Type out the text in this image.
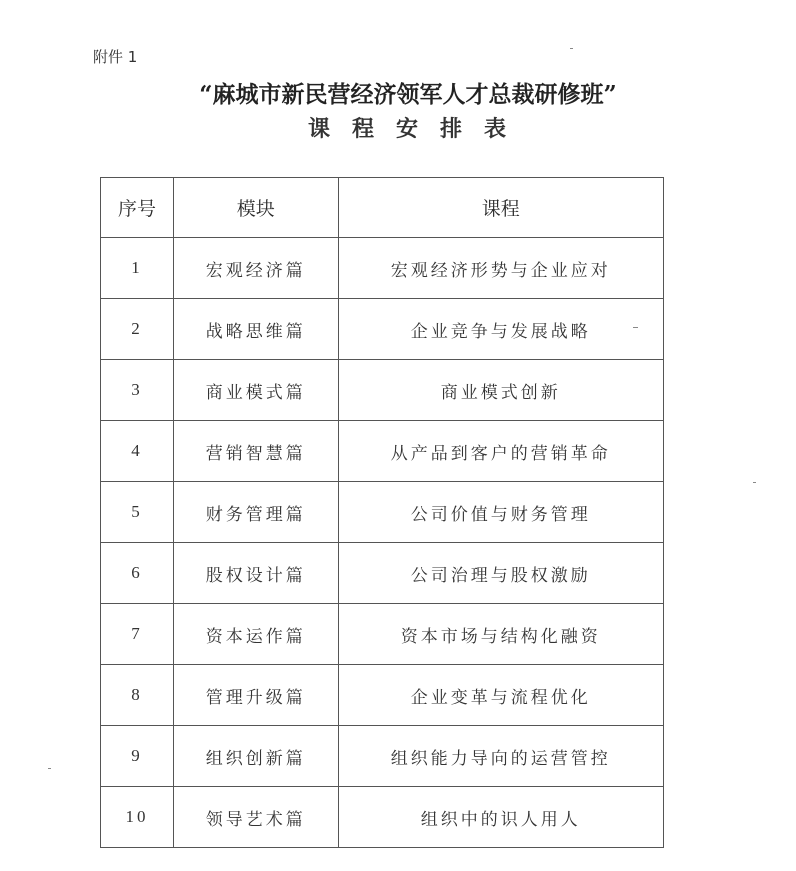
附件 1
“麻城市新民营经济领军人才总裁研修班”
课程安排表
序号	模块	课程
1	宏观经济篇	宏观经济形势与企业应对
2	战略思维篇	企业竞争与发展战略
3	商业模式篇	商业模式创新
4	营销智慧篇	从产品到客户的营销革命
5	财务管理篇	公司价值与财务管理
6	股权设计篇	公司治理与股权激励
7	资本运作篇	资本市场与结构化融资
8	管理升级篇	企业变革与流程优化
9	组织创新篇	组织能力导向的运营管控
10	领导艺术篇	组织中的识人用人
